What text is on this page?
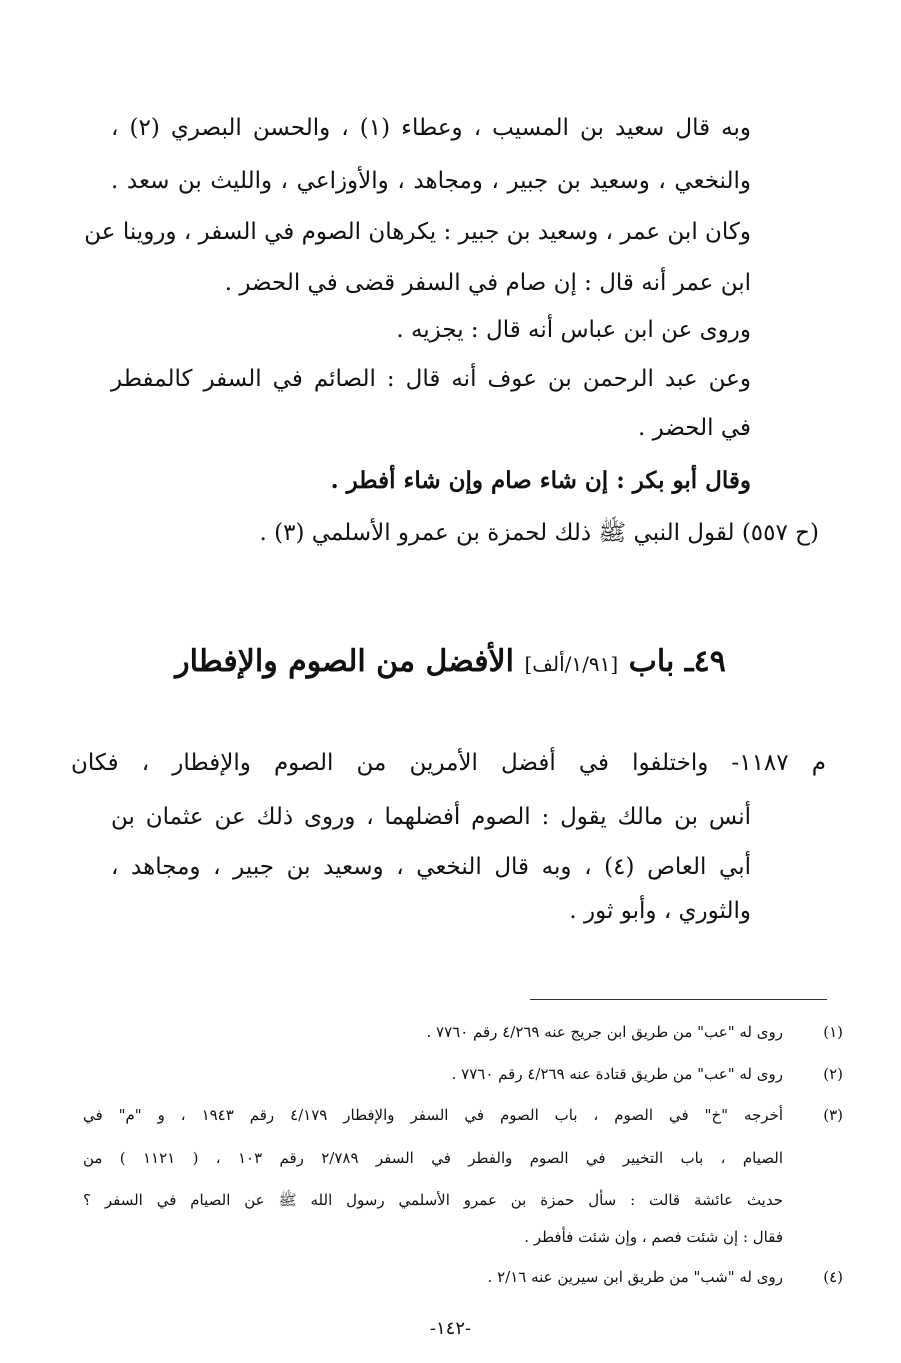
وبه قال سعيد بن المسيب ، وعطاء (١) ، والحسن البصري (٢) ،
والنخعي ، وسعيد بن جبير ، ومجاهد ، والأوزاعي ، والليث بن سعد .
وكان ابن عمر ، وسعيد بن جبير : يكرهان الصوم في السفر ، وروينا عن
ابن عمر أنه قال : إن صام في السفر قضى في الحضر .
وروى عن ابن عباس أنه قال : يجزيه .
وعن عبد الرحمن بن عوف أنه قال : الصائم في السفر كالمفطر
في الحضر .
وقال أبو بكر : إن شاء صام وإن شاء أفطر .
(ح ٥٥٧) لقول النبي ﷺ ذلك لحمزة بن عمرو الأسلمي (٣) .
٤٩ـ باب [١/٩١/ألف] الأفضل من الصوم والإفطار
م ١١٨٧- واختلفوا في أفضل الأمرين من الصوم والإفطار ، فكان
أنس بن مالك يقول : الصوم أفضلهما ، وروى ذلك عن عثمان بن
أبي العاص (٤) ، وبه قال النخعي ، وسعيد بن جبير ، ومجاهد ،
والثوري ، وأبو ثور .
(١)
روى له "عب" من طريق ابن جريج عنه ٤/٢٦٩ رقم ٧٧٦٠ .
(٢)
روى له "عب" من طريق قتادة عنه ٤/٢٦٩ رقم ٧٧٦٠ .
(٣)
أخرجه "خ" في الصوم ، باب الصوم في السفر والإفطار ٤/١٧٩ رقم ١٩٤٣ ، و "م" في
الصيام ، باب التخيير في الصوم والفطر في السفر ٢/٧٨٩ رقم ١٠٣ ، ( ١١٢١ ) من
حديث عائشة قالت : سأل حمزة بن عمرو الأسلمي رسول الله ﷺ عن الصيام في السفر ؟
فقال : إن شئت فصم ، وإن شئت فأفطر .
(٤)
روى له "شب" من طريق ابن سيرين عنه ٢/١٦ .
-١٤٢-
